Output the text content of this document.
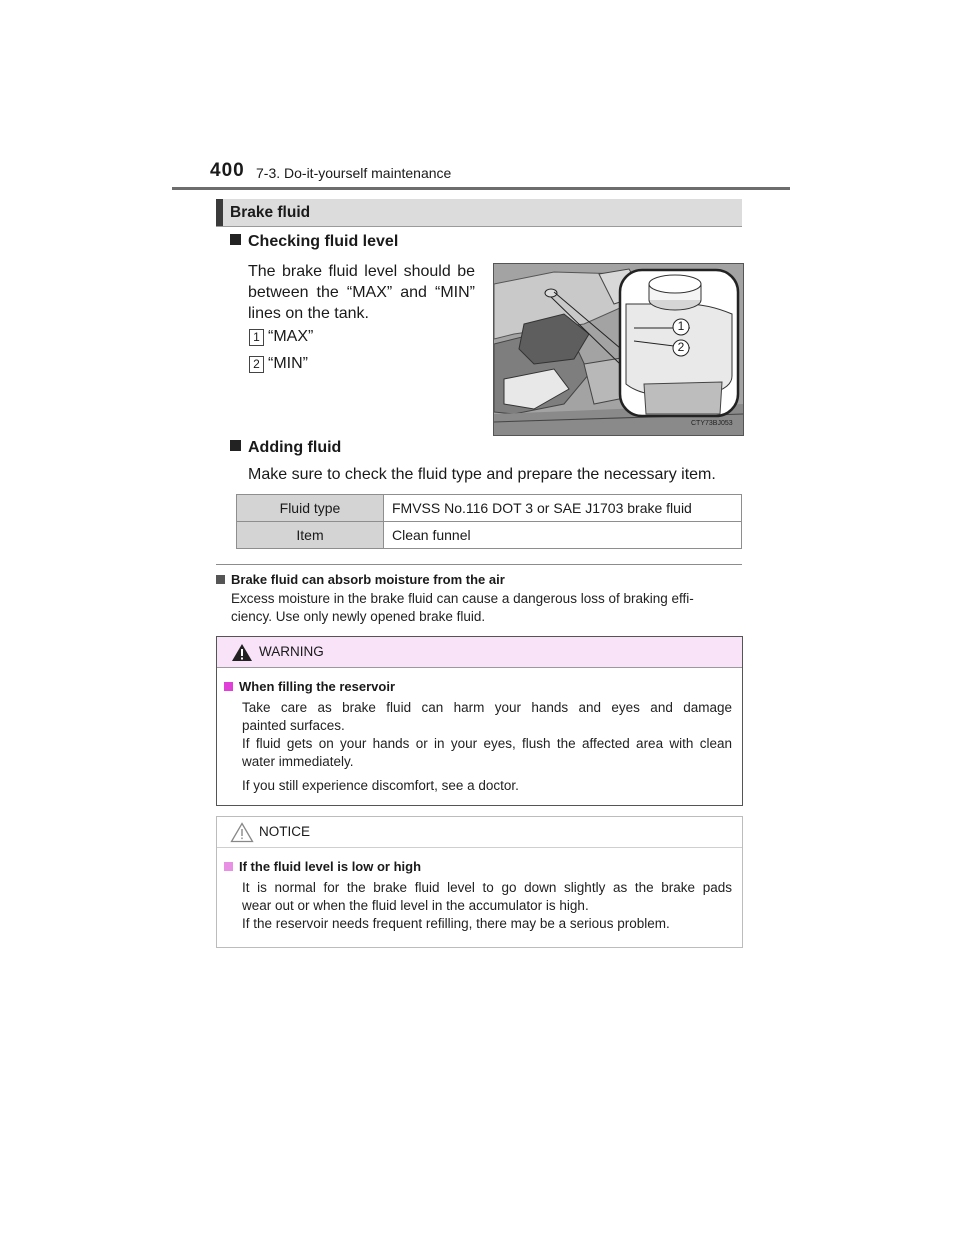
400 7-3. Do-it-yourself maintenance
Brake fluid
Checking fluid level
The brake fluid level should be
between the “MAX” and “MIN”
lines on the tank.
1 “MAX”
2 “MIN”
1
2
CTY73BJ053
Adding fluid
Make sure to check the fluid type and prepare the necessary item.
Fluid type	FMVSS No.116 DOT 3 or SAE J1703 brake fluid
Item	Clean funnel
Brake fluid can absorb moisture from the air
Excess moisture in the brake fluid can cause a dangerous loss of braking effi-
ciency. Use only newly opened brake fluid.
WARNING
When filling the reservoir
Take care as brake fluid can harm your hands and eyes and damage
painted surfaces.
If fluid gets on your hands or in your eyes, flush the affected area with clean
water immediately.
If you still experience discomfort, see a doctor.
NOTICE
If the fluid level is low or high
It is normal for the brake fluid level to go down slightly as the brake pads
wear out or when the fluid level in the accumulator is high.
If the reservoir needs frequent refilling, there may be a serious problem.
